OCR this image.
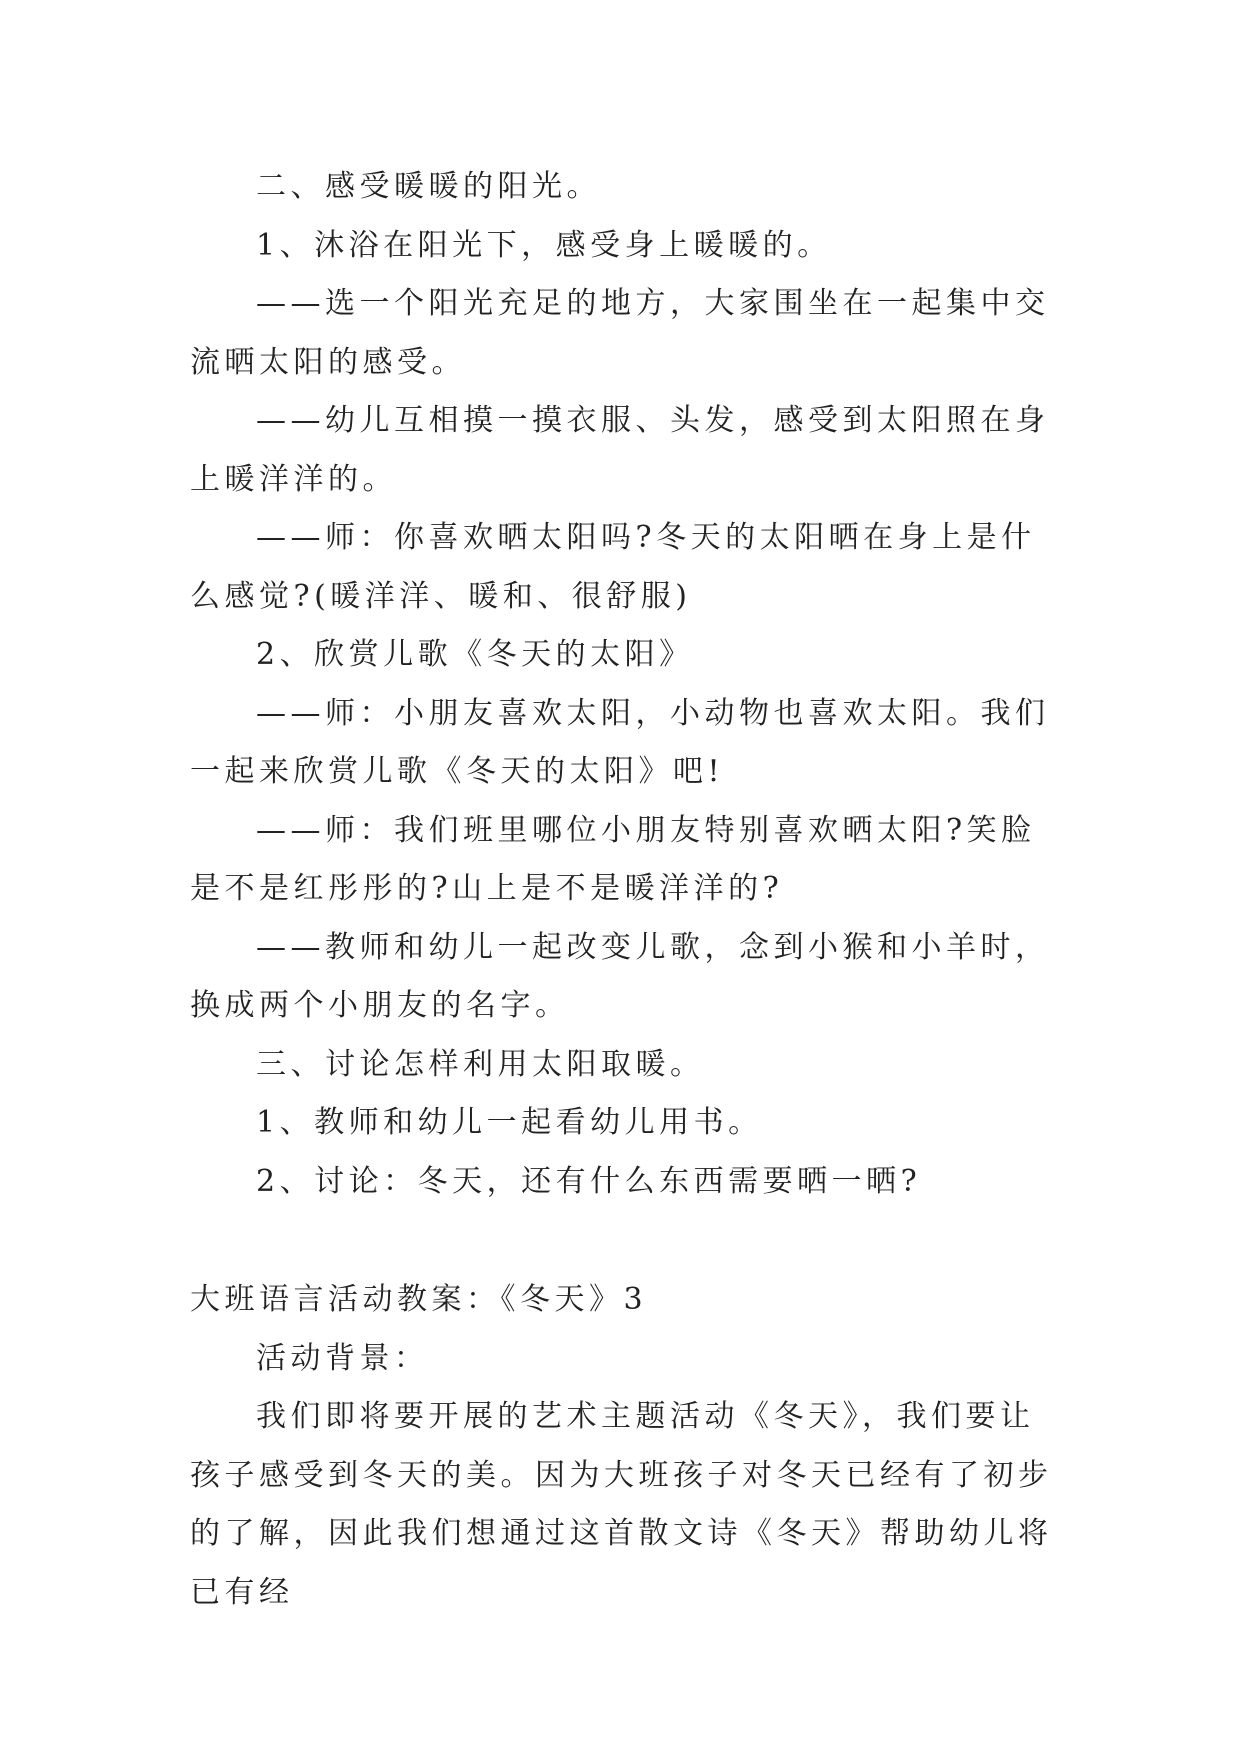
二、感受暖暖的阳光。

1、沐浴在阳光下，感受身上暖暖的。

——选一个阳光充足的地方，大家围坐在一起集中交流晒太阳的感受。

——幼儿互相摸一摸衣服、头发，感受到太阳照在身上暖洋洋的。

——师：你喜欢晒太阳吗?冬天的太阳晒在身上是什么感觉?(暖洋洋、暖和、很舒服)

2、欣赏儿歌《冬天的太阳》

——师：小朋友喜欢太阳，小动物也喜欢太阳。我们一起来欣赏儿歌《冬天的太阳》吧!

——师：我们班里哪位小朋友特别喜欢晒太阳?笑脸是不是红彤彤的?山上是不是暖洋洋的?

——教师和幼儿一起改变儿歌，念到小猴和小羊时，换成两个小朋友的名字。

三、讨论怎样利用太阳取暖。

1、教师和幼儿一起看幼儿用书。

2、讨论：冬天，还有什么东西需要晒一晒?

大班语言活动教案：《冬天》3

活动背景：

我们即将要开展的艺术主题活动《冬天》，我们要让孩子感受到冬天的美。因为大班孩子对冬天已经有了初步的了解，因此我们想通过这首散文诗《冬天》帮助幼儿将已有经
